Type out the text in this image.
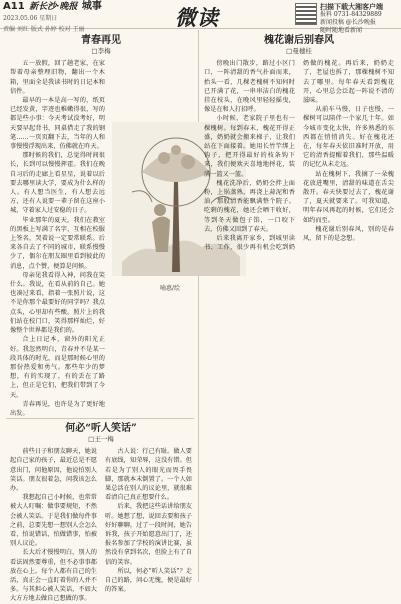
A11 新长沙·晚报 城事
2023.05.06 星期日
责编 刘红 版式 孙婷 校对 王丽	微读	扫描下载大湘客户端
报料 0731-84329889
新闻投稿 @长沙晚报
随时随地看新闻
青春再见

□李梅

五一放假，回了趟老家，在家帮着母亲整理旧物，翻出一个木箱，里面全是我读书时的日记本和信件。

最早的一本是高一写的，纸页已经发黄，字迹也稚嫩得很，写的都是些小事：今天考试没考好，明天要早起背书，同桌借走了我的钢笔……一页页翻下去，当年的人和事慢慢浮现出来，仿佛就在昨天。

那时候的我们，总觉得时间很长，长到可以慢慢挥霍。我们在晚自习后的走廊上看星星，说着以后要去哪里读大学，要成为什么样的人。有人想当医生，有人想去远方，还有人说要一辈子留在这座小城，守着家人过安稳的日子。

毕业那年的夏天，我们在教室的黑板上写满了名字，互相在校服上签名，哭着说一定要常联系。后来各自去了不同的城市，联系慢慢少了，偶尔在朋友圈里看到彼此的消息，点个赞，便算是问候。

母亲见我看得入神，问我在笑什么。我说，在看从前的自己。她也凑过来看，指着一张照片说，这不是你那个最要好的同学吗？我点点头，心里却有些酸。照片上的我们站在校门口，笑得那样灿烂，好像整个世界都是我们的。

合上日记本，窗外的阳光正好。我忽然明白，青春并不是某一段具体的时光，而是那时候心里的那份热爱和勇气。那些年少的梦想，有的实现了，有的丢在了路上，但正是它们，把我们带到了今天。

青春再见，也许是为了更好地出发。

喻惠/绘
槐花谢后别春风

□曼穗桂

傍晚出门散步，路过小区门口，一阵清甜的香气扑面而来，抬头一看，几棵老槐树不知何时已开满了花，一串串洁白的槐花挂在枝头，在晚风里轻轻摇曳，像是在和人打招呼。

小时候，老家院子里也有一棵槐树。每到春末，槐花开得正盛，奶奶就会搬来梯子，让我们站在下面接着。她用长竹竿绑上钩子，把开得最好的枝条钩下来，我们便欢天喜地地捋花，装满一篮又一篮。

槐花洗净后，奶奶会拌上面粉，上锅蒸熟，再浇上蒜泥和香油，那股清香能飘满整个院子。吃剩的槐花，她还会晒干收好，等到冬天做包子馅，一口咬下去，仿佛又回到了春天。

后来我离开家乡，到城里读书、工作，很少再有机会吃到奶奶做的槐花。再后来，奶奶走了，老屋也拆了，那棵槐树不知去了哪里。每年春天看到槐花开，心里总会泛起一阵说不清的滋味。

从前车马慢，日子也慢，一棵树可以陪伴一个家几十年。如今城市变化太快，许多熟悉的东西都在悄悄消失。好在槐花还在，每年春天依旧准时开放，用它的清香提醒着我们，那些温暖的记忆从未走远。

站在槐树下，我摘了一朵槐花放进嘴里，清甜的味道在舌尖散开。春天快要过去了，槐花谢了，夏天就要来了。可我知道，明年春风再起的时候，它们还会如约而至。

槐花谢后别春风，别的是春风，留下的是念想。

何必“听人笑话”

□王一梅

前些日子和朋友聊天，她说起自己家的孩子，最近总是不愿意出门，问他原因，他说怕别人笑话。朋友很着急，问我该怎么办。

我想起自己小时候，也常常被大人叮嘱：做事要规矩，不然会被人笑话。于是我们做每件事之前，总要先想一想别人会怎么看，怕说错话，怕做错事，怕被别人议论。

长大后才慢慢明白，别人的看法固然要尊重，但不必事事都放在心上。每个人都有自己的生活，真正会一直盯着你的人并不多。与其担心被人笑话，不如大大方方地去做自己想做的事。

古人说：行己有耻。做人要有底线，知荣辱，这没有错。但若是为了别人的眼光而畏手畏脚，那就本末倒置了。一个人如果总活在别人的议论里，就很难看清自己真正想要什么。

后来，我把这些话讲给朋友听。她想了想，说回去要和孩子好好聊聊。过了一段时间，她告诉我，孩子开始愿意出门了，还报名参加了学校的演讲比赛，虽然没有拿到名次，但脸上有了自信的笑容。

所以，何必“听人笑话”？走自己的路，问心无愧，便是最好的答案。
